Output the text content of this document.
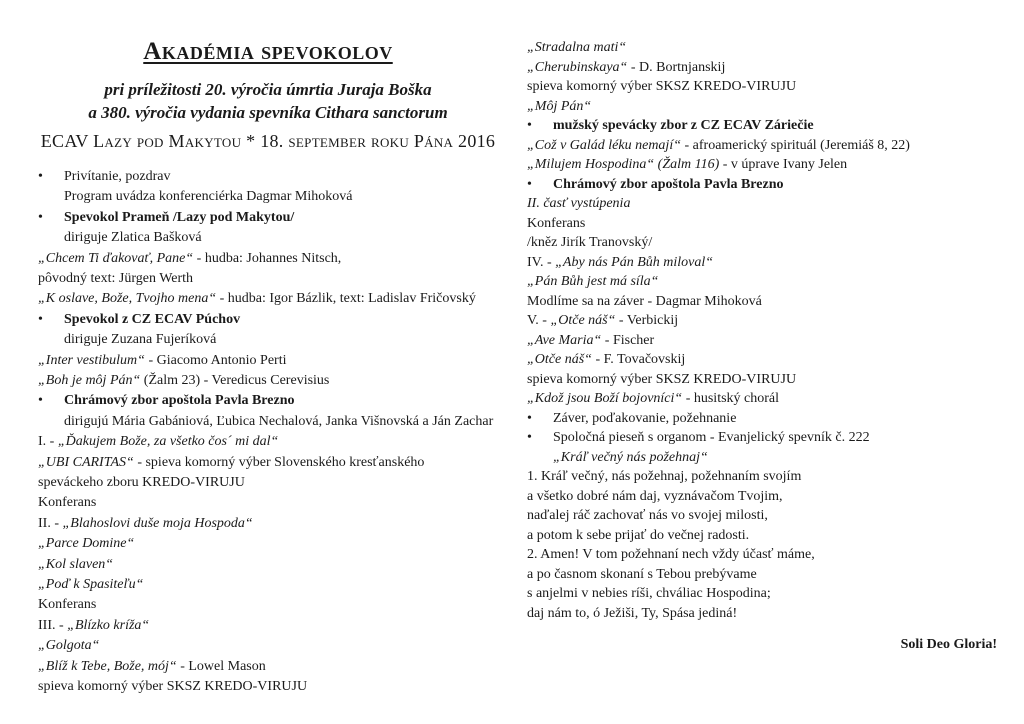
Akadémia spevokolov
pri príležitosti 20. výročia úmrtia Juraja Boška
a 380. výročia vydania spevníka Cithara sanctorum
ECAV Lazy pod Makytou * 18. september roku Pána 2016
• Privítanie, pozdrav
Program uvádza konferenciérka Dagmar Mihoková
• Spevokol Prameň /Lazy pod Makytou/
diriguje Zlatica Bašková
„Chcem Ti ďakovať, Pane“ - hudba: Johannes Nitsch,
pôvodný text: Jürgen Werth
„K oslave, Bože, Tvojho mena“ - hudba: Igor Bázlik, text: Ladislav Fričovský
• Spevokol z CZ ECAV Púchov
diriguje Zuzana Fujeríková
„Inter vestibulum“ - Giacomo Antonio Perti
„Boh je môj Pán“ (Žalm 23) - Veredicus Cerevisius
• Chrámový zbor apoštola Pavla Brezno
dirigujú Mária Gabániová, Ľubica Nechalová, Janka Višnovská a Ján Zachar
I. - „Ďakujem Bože, za všetko čos´ mi dal“
„UBI CARITAS“ - spieva komorný výber Slovenského kresťanského
speváckeho zboru KREDO-VIRUJU
Konferans
II. - „Blahoslovi duše moja Hospoda“
„Parce Domine“
„Kol slaven“
„Poď k Spasiteľu“
Konferans
III. - „Blízko kríža“
„Golgota“
„Blíž k Tebe, Bože, mój“ - Lowel Mason
spieva komorný výber SKSZ KREDO-VIRUJU
Soli Deo Gloria!
„Stradalna mati“
„Cherubinskaya“ - D. Bortnjanskij
spieva komorný výber SKSZ KREDO-VIRUJU
„Môj Pán“
• mužský spevácky zbor z CZ ECAV Záriečie
„Což v Galád léku nemají“ - afroamerický spirituál (Jeremiáš 8, 22)
„Milujem Hospodina“ (Žalm 116) - v úprave Ivany Jelen
• Chrámový zbor apoštola Pavla Brezno
II. časť vystúpenia
Konferans
/kněz Jirík Tranovský/
IV. - „Aby nás Pán Bůh miloval“
„Pán Bůh jest má síla“
Modlíme sa na záver - Dagmar Mihoková
V. - „Otče náš“ - Verbickij
„Ave Maria“ - Fischer
„Otče náš“ - F. Tovačovskij
spieva komorný výber SKSZ KREDO-VIRUJU
„Kdož jsou Boží bojovníci“ - husitský chorál
• Záver, poďakovanie, požehnanie
• Spoločná pieseň s organom - Evanjelický spevník č. 222
„Kráľ večný nás požehnaj“
1. Kráľ večný, nás požehnaj, požehnaním svojím
a všetko dobré nám daj, vyznávačom Tvojim,
naďalej ráč zachovať nás vo svojej milosti,
a potom k sebe prijať do večnej radosti.
2. Amen! V tom požehnaní nech vždy účasť máme,
a po časnom skonaní s Tebou prebývame
s anjelmi v nebies ríši, chváliac Hospodina;
daj nám to, ó Ježiši, Ty, Spása jediná!
